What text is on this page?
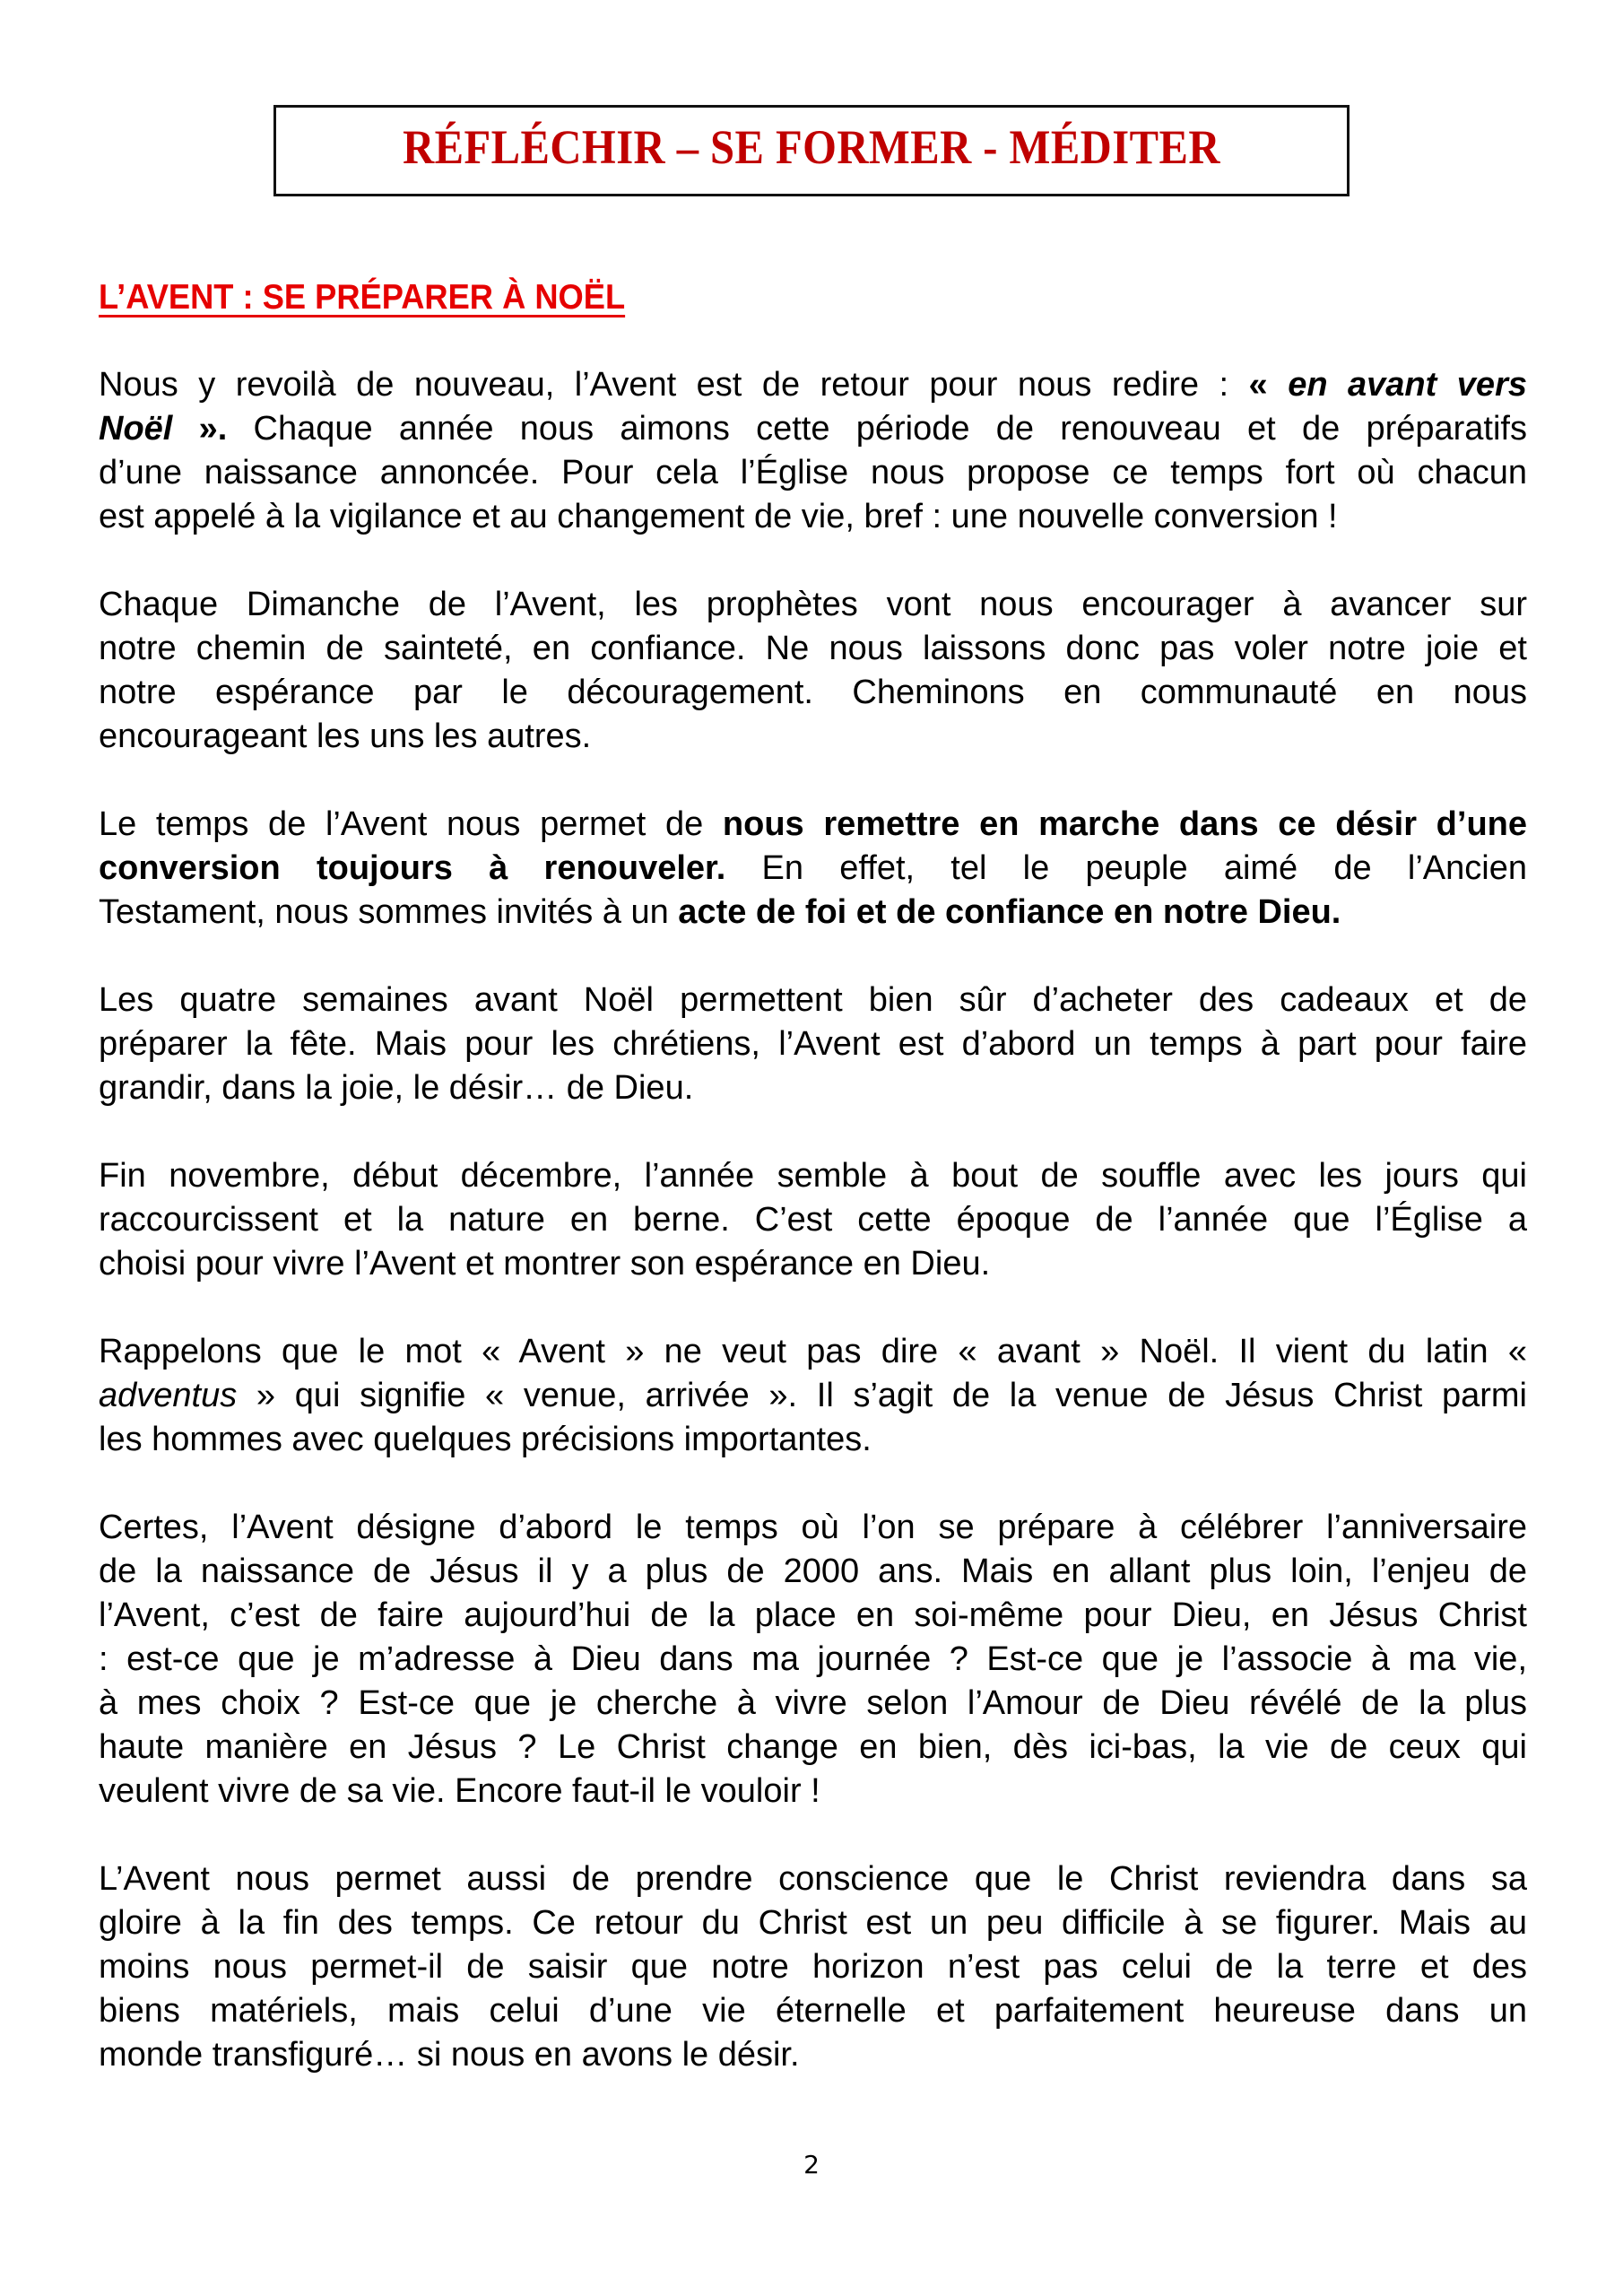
RÉFLÉCHIR – SE FORMER - MÉDITER
L’AVENT : SE PRÉPARER À NOËL
Nous y revoilà de nouveau, l’Avent est de retour pour nous redire : « en avant vers
Noël ». Chaque année nous aimons cette période de renouveau et de préparatifs
d’une naissance annoncée. Pour cela l’Église nous propose ce temps fort où chacun
est appelé à la vigilance et au changement de vie, bref : une nouvelle conversion !
Chaque Dimanche de l’Avent, les prophètes vont nous encourager à avancer sur
notre chemin de sainteté, en confiance. Ne nous laissons donc pas voler notre joie et
notre espérance par le découragement. Cheminons en communauté en nous
encourageant les uns les autres.
Le temps de l’Avent nous permet de nous remettre en marche dans ce désir d’une
conversion toujours à renouveler. En effet, tel le peuple aimé de l’Ancien
Testament, nous sommes invités à un acte de foi et de confiance en notre Dieu.
Les quatre semaines avant Noël permettent bien sûr d’acheter des cadeaux et de
préparer la fête. Mais pour les chrétiens, l’Avent est d’abord un temps à part pour faire
grandir, dans la joie, le désir… de Dieu.
Fin novembre, début décembre, l’année semble à bout de souffle avec les jours qui
raccourcissent et la nature en berne. C’est cette époque de l’année que l’Église a
choisi pour vivre l’Avent et montrer son espérance en Dieu.
Rappelons que le mot « Avent » ne veut pas dire « avant » Noël. Il vient du latin «
adventus » qui signifie « venue, arrivée ». Il s’agit de la venue de Jésus Christ parmi
les hommes avec quelques précisions importantes.
Certes, l’Avent désigne d’abord le temps où l’on se prépare à célébrer l’anniversaire
de la naissance de Jésus il y a plus de 2000 ans. Mais en allant plus loin, l’enjeu de
l’Avent, c’est de faire aujourd’hui de la place en soi-même pour Dieu, en Jésus Christ
: est-ce que je m’adresse à Dieu dans ma journée ? Est-ce que je l’associe à ma vie,
à mes choix ? Est-ce que je cherche à vivre selon l’Amour de Dieu révélé de la plus
haute manière en Jésus ? Le Christ change en bien, dès ici-bas, la vie de ceux qui
veulent vivre de sa vie. Encore faut-il le vouloir !
L’Avent nous permet aussi de prendre conscience que le Christ reviendra dans sa
gloire à la fin des temps. Ce retour du Christ est un peu difficile à se figurer. Mais au
moins nous permet-il de saisir que notre horizon n’est pas celui de la terre et des
biens matériels, mais celui d’une vie éternelle et parfaitement heureuse dans un
monde transfiguré… si nous en avons le désir.
2
